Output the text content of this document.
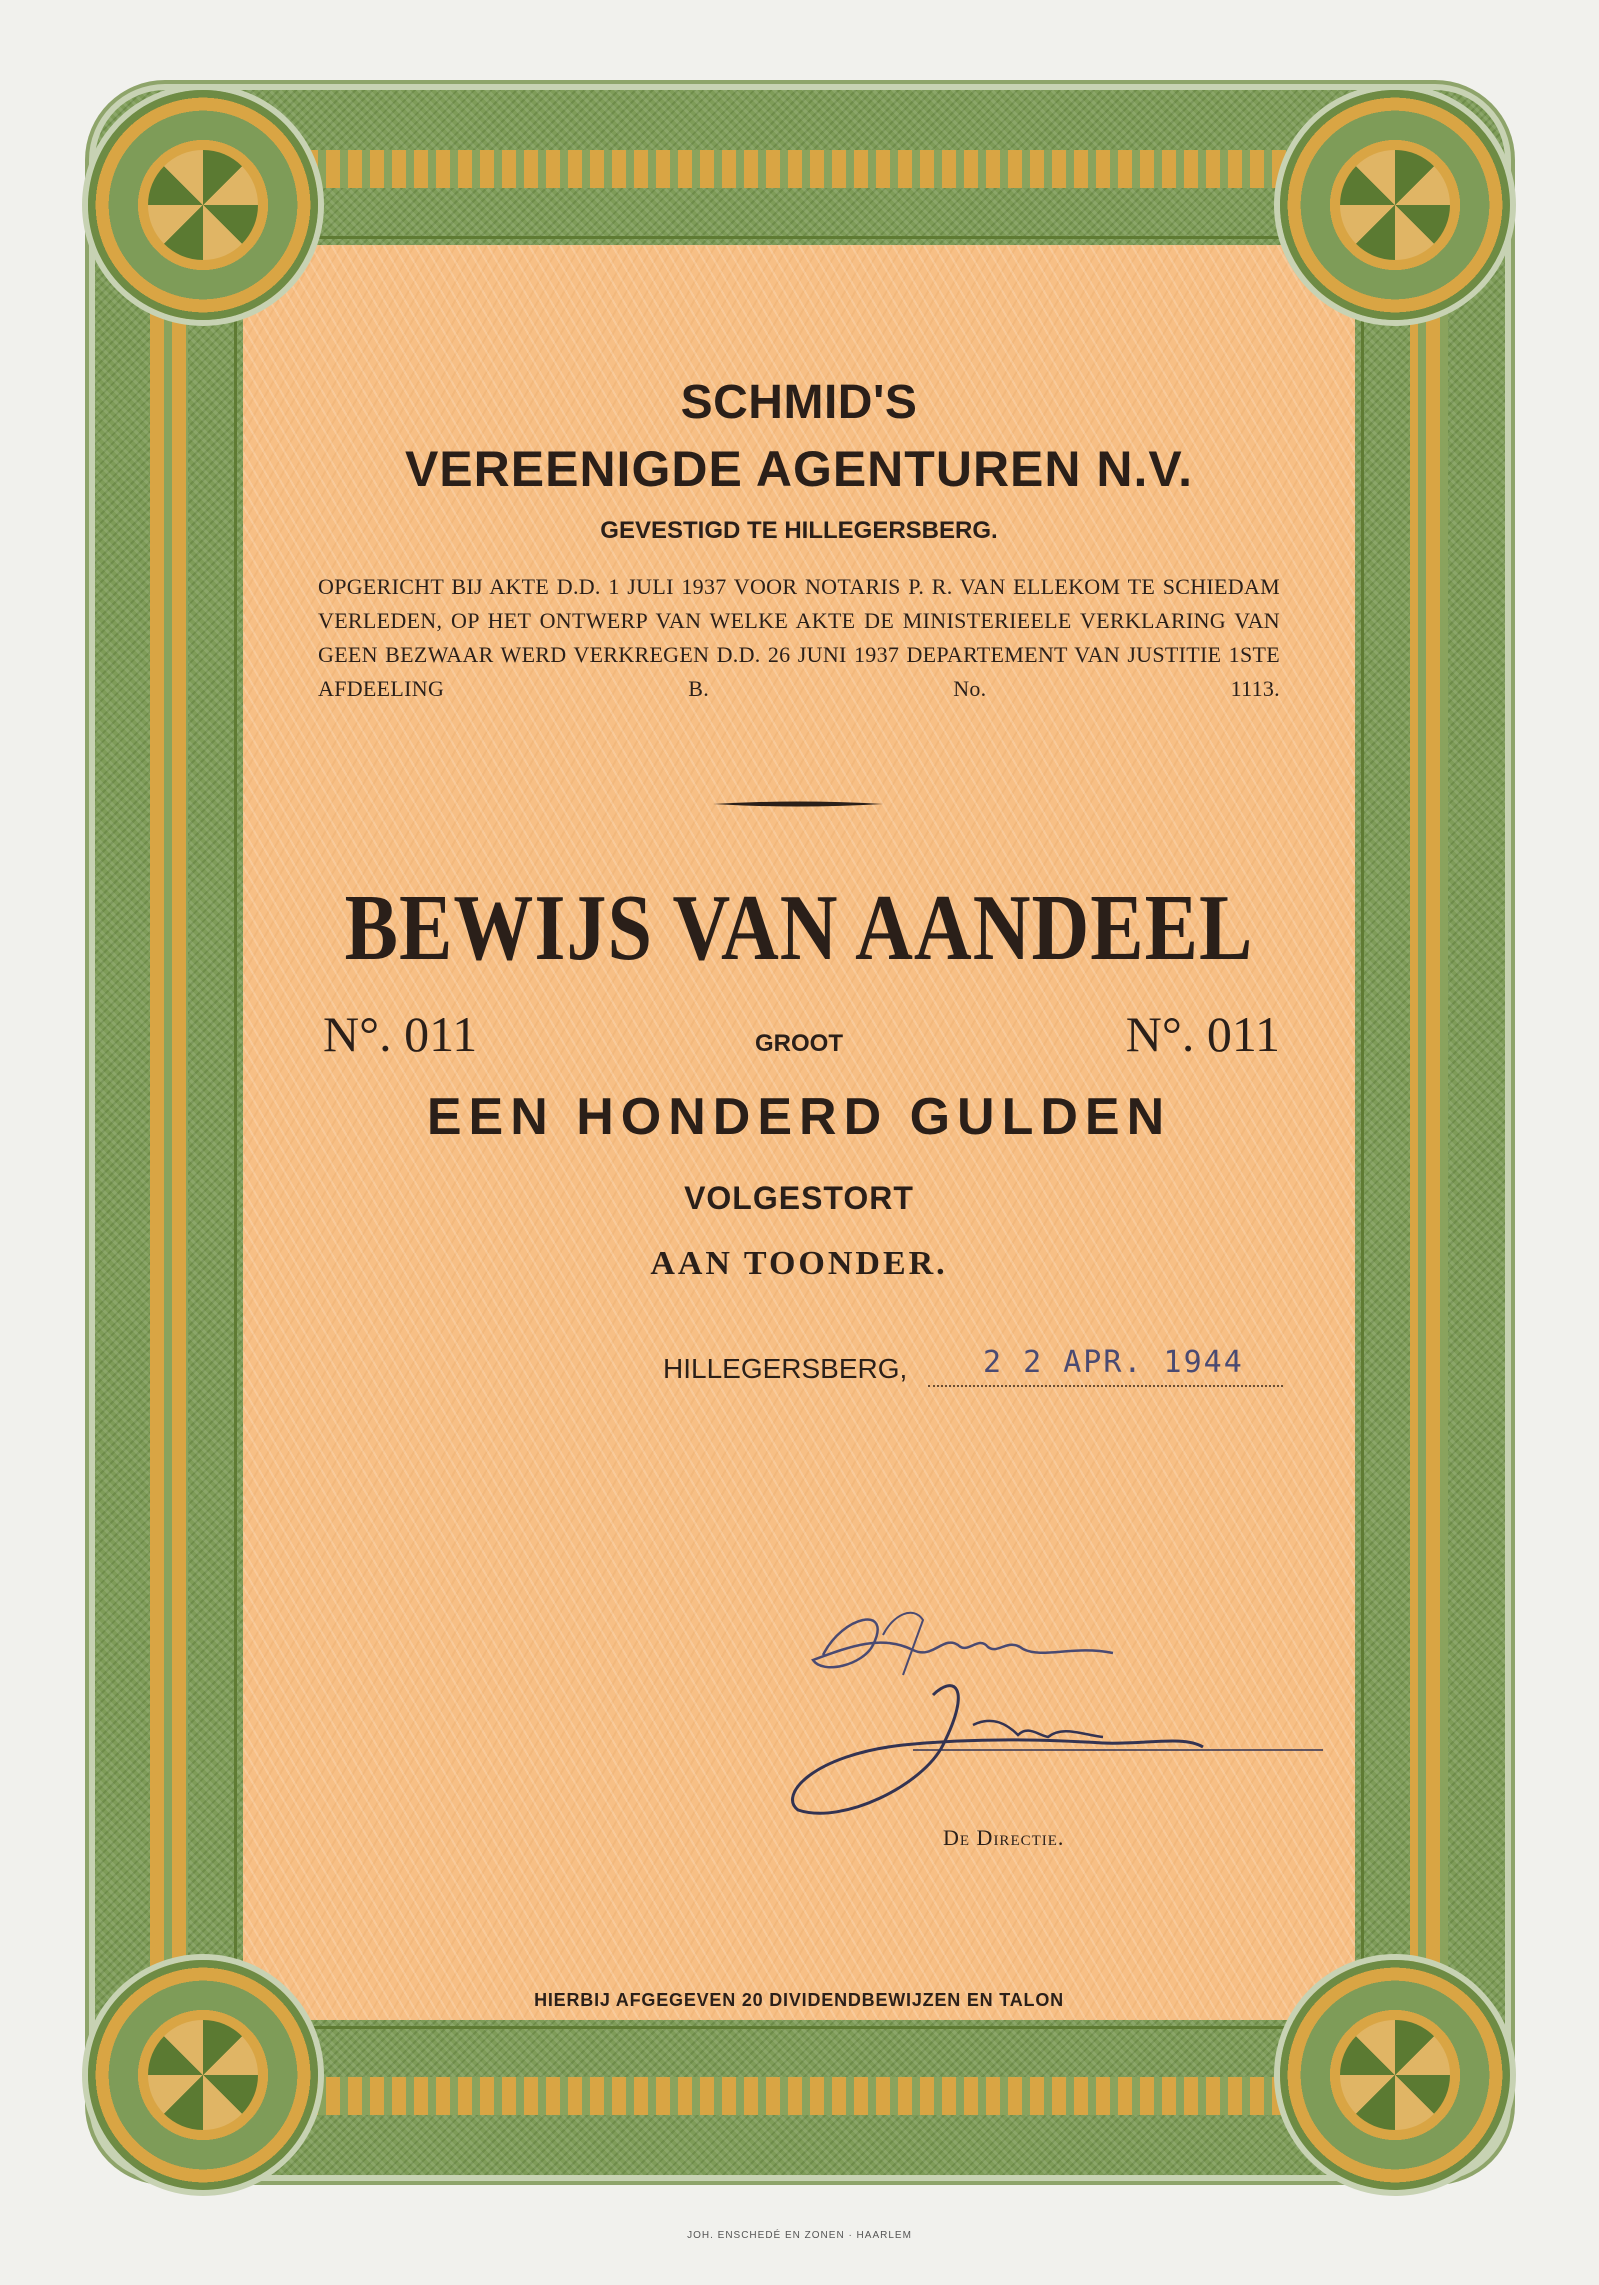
SCHMID'S
VEREENIGDE AGENTUREN N.V.
GEVESTIGD TE HILLEGERSBERG.
OPGERICHT BIJ AKTE D.D. 1 JULI 1937 VOOR NOTARIS P. R. VAN ELLEKOM TE SCHIEDAM VERLEDEN, OP HET ONTWERP VAN WELKE AKTE DE MINISTERIEELE VERKLARING VAN GEEN BEZWAAR WERD VERKREGEN D.D. 26 JUNI 1937 DEPARTEMENT VAN JUSTITIE 1STE AFDEELING B. No. 1113.
BEWIJS VAN AANDEEL
N°. 011	GROOT	N°. 011
EEN HONDERD GULDEN
VOLGESTORT
AAN TOONDER.
HILLEGERSBERG,	2 2 APR. 1944
De Directie.
HIERBIJ AFGEGEVEN 20 DIVIDENDBEWIJZEN EN TALON
JOH. ENSCHEDÉ EN ZONEN · HAARLEM
